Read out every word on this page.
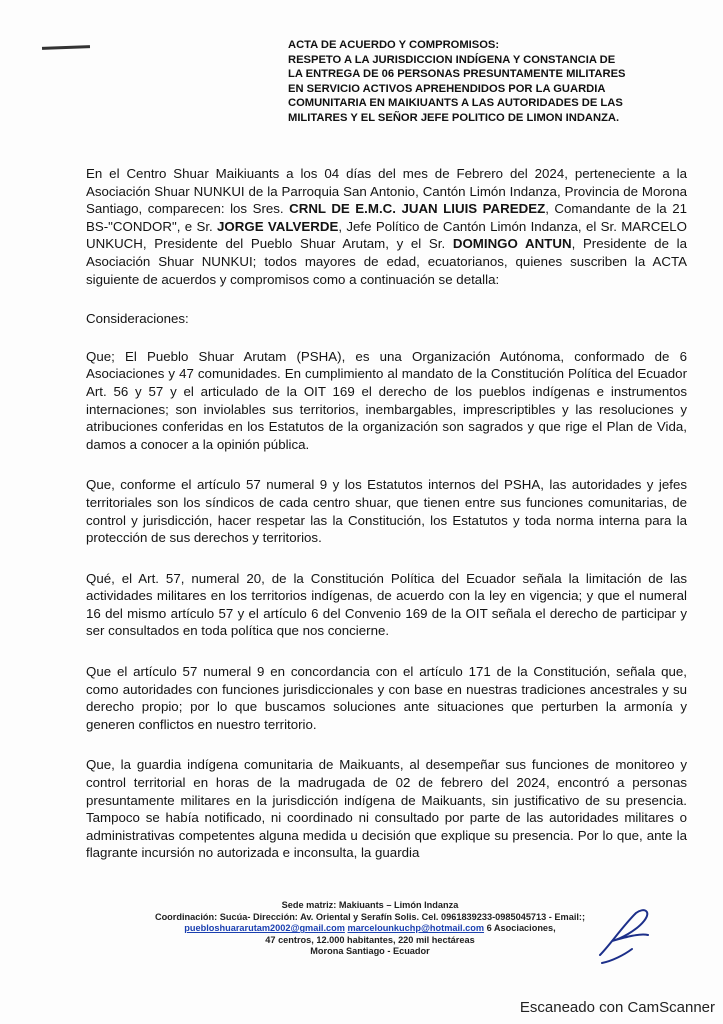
ACTA DE ACUERDO Y COMPROMISOS:
RESPETO A LA JURISDICCION INDÍGENA Y CONSTANCIA DE
LA ENTREGA DE 06 PERSONAS PRESUNTAMENTE MILITARES
EN SERVICIO ACTIVOS APREHENDIDOS POR LA GUARDIA
COMUNITARIA EN MAIKIUANTS A LAS AUTORIDADES DE LAS
MILITARES Y EL SEÑOR JEFE POLITICO DE LIMON INDANZA.

En el Centro Shuar Maikiuants a los 04 días del mes de Febrero del 2024, perteneciente a la Asociación Shuar NUNKUI de la Parroquia San Antonio, Cantón Limón Indanza, Provincia de Morona Santiago, comparecen: los Sres. CRNL DE E.M.C. JUAN LIUIS PAREDEZ, Comandante de la 21 BS-"CONDOR", e Sr. JORGE VALVERDE, Jefe Político de Cantón Limón Indanza, el Sr. MARCELO UNKUCH, Presidente del Pueblo Shuar Arutam, y el Sr. DOMINGO ANTUN, Presidente de la Asociación Shuar NUNKUI; todos mayores de edad, ecuatorianos, quienes suscriben la ACTA siguiente de acuerdos y compromisos como a continuación se detalla:

Consideraciones:

Que; El Pueblo Shuar Arutam (PSHA), es una Organización Autónoma, conformado de 6 Asociaciones y 47 comunidades. En cumplimiento al mandato de la Constitución Política del Ecuador Art. 56 y 57 y el articulado de la OIT 169 el derecho de los pueblos indígenas e instrumentos internaciones; son inviolables sus territorios, inembargables, imprescriptibles y las resoluciones y atribuciones conferidas en los Estatutos de la organización son sagrados y que rige el Plan de Vida, damos a conocer a la opinión pública.

Que, conforme el artículo 57 numeral 9 y los Estatutos internos del PSHA, las autoridades y jefes territoriales son los síndicos de cada centro shuar, que tienen entre sus funciones comunitarias, de control y jurisdicción, hacer respetar las la Constitución, los Estatutos y toda norma interna para la protección de sus derechos y territorios.

Qué, el Art. 57, numeral 20, de la Constitución Política del Ecuador señala la limitación de las actividades militares en los territorios indígenas, de acuerdo con la ley en vigencia; y que el numeral 16 del mismo artículo 57 y el artículo 6 del Convenio 169 de la OIT señala el derecho de participar y ser consultados en toda política que nos concierne.

Que el artículo 57 numeral 9 en concordancia con el artículo 171 de la Constitución, señala que, como autoridades con funciones jurisdiccionales y con base en nuestras tradiciones ancestrales y su derecho propio; por lo que buscamos soluciones ante situaciones que perturben la armonía y generen conflictos en nuestro territorio.

Que, la guardia indígena comunitaria de Maikuants, al desempeñar sus funciones de monitoreo y control territorial en horas de la madrugada de 02 de febrero del 2024, encontró a personas presuntamente militares en la jurisdicción indígena de Maikuants, sin justificativo de su presencia. Tampoco se había notificado, ni coordinado ni consultado por parte de las autoridades militares o administrativas competentes alguna medida u decisión que explique su presencia. Por lo que, ante la flagrante incursión no autorizada e inconsulta, la guardia

Sede matriz: Makiuants – Limón Indanza
Coordinación: Sucúa- Dirección: Av. Oriental y Serafín Solis. Cel. 0961839233-0985045713 - Email:;
puebloshuararutam2002@gmail.com marcelounkuchp@hotmail.com 6 Asociaciones,
47 centros, 12.000 habitantes, 220 mil hectáreas
Morona Santiago - Ecuador
Escaneado con CamScanner
